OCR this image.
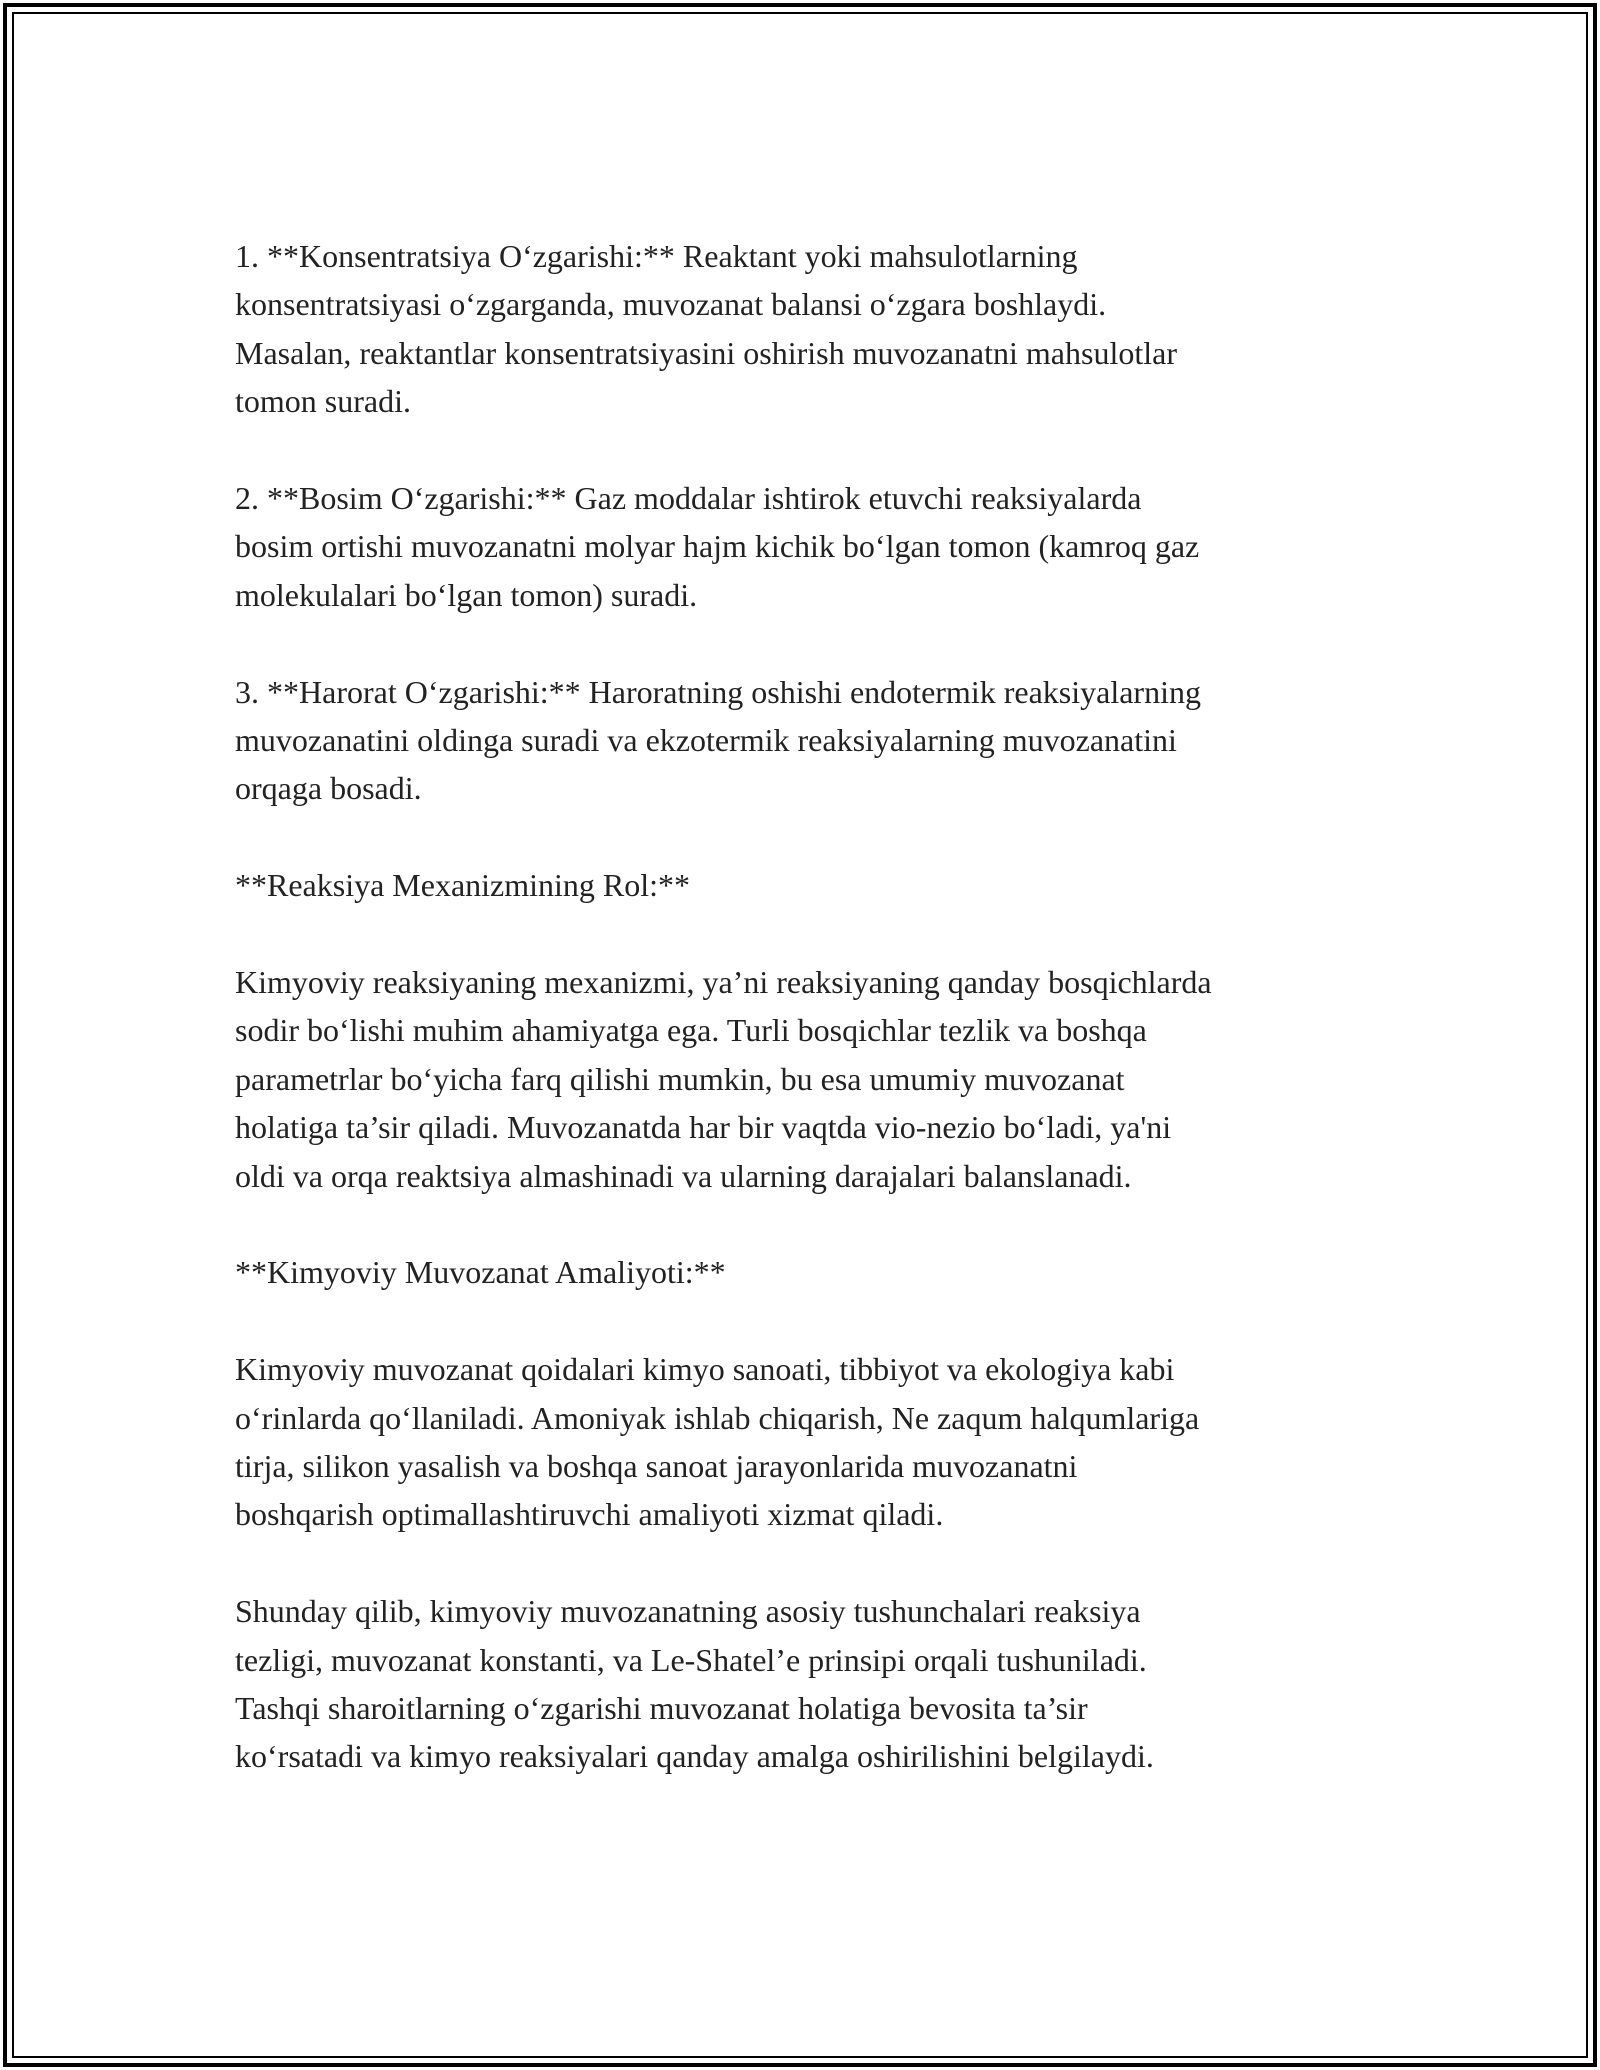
1. **Konsentratsiya Oʻzgarishi:** Reaktant yoki mahsulotlarning
konsentratsiyasi oʻzgarganda, muvozanat balansi oʻzgara boshlaydi.
Masalan, reaktantlar konsentratsiyasini oshirish muvozanatni mahsulotlar
tomon suradi.

2. **Bosim Oʻzgarishi:** Gaz moddalar ishtirok etuvchi reaksiyalarda
bosim ortishi muvozanatni molyar hajm kichik boʻlgan tomon (kamroq gaz
molekulalari boʻlgan tomon) suradi.

3. **Harorat Oʻzgarishi:** Haroratning oshishi endotermik reaksiyalarning
muvozanatini oldinga suradi va ekzotermik reaksiyalarning muvozanatini
orqaga bosadi.

**Reaksiya Mexanizmining Rol:**

Kimyoviy reaksiyaning mexanizmi, ya’ni reaksiyaning qanday bosqichlarda
sodir boʻlishi muhim ahamiyatga ega. Turli bosqichlar tezlik va boshqa
parametrlar boʻyicha farq qilishi mumkin, bu esa umumiy muvozanat
holatiga ta’sir qiladi. Muvozanatda har bir vaqtda vio-nezio boʻladi, ya'ni
oldi va orqa reaktsiya almashinadi va ularning darajalari balanslanadi.

**Kimyoviy Muvozanat Amaliyoti:**

Kimyoviy muvozanat qoidalari kimyo sanoati, tibbiyot va ekologiya kabi
oʻrinlarda qoʻllaniladi. Amoniyak ishlab chiqarish, Ne zaqum halqumlariga
tirja, silikon yasalish va boshqa sanoat jarayonlarida muvozanatni
boshqarish optimallashtiruvchi amaliyoti xizmat qiladi.

Shunday qilib, kimyoviy muvozanatning asosiy tushunchalari reaksiya
tezligi, muvozanat konstanti, va Le-Shatel’e prinsipi orqali tushuniladi.
Tashqi sharoitlarning oʻzgarishi muvozanat holatiga bevosita ta’sir
koʻrsatadi va kimyo reaksiyalari qanday amalga oshirilishini belgilaydi.
